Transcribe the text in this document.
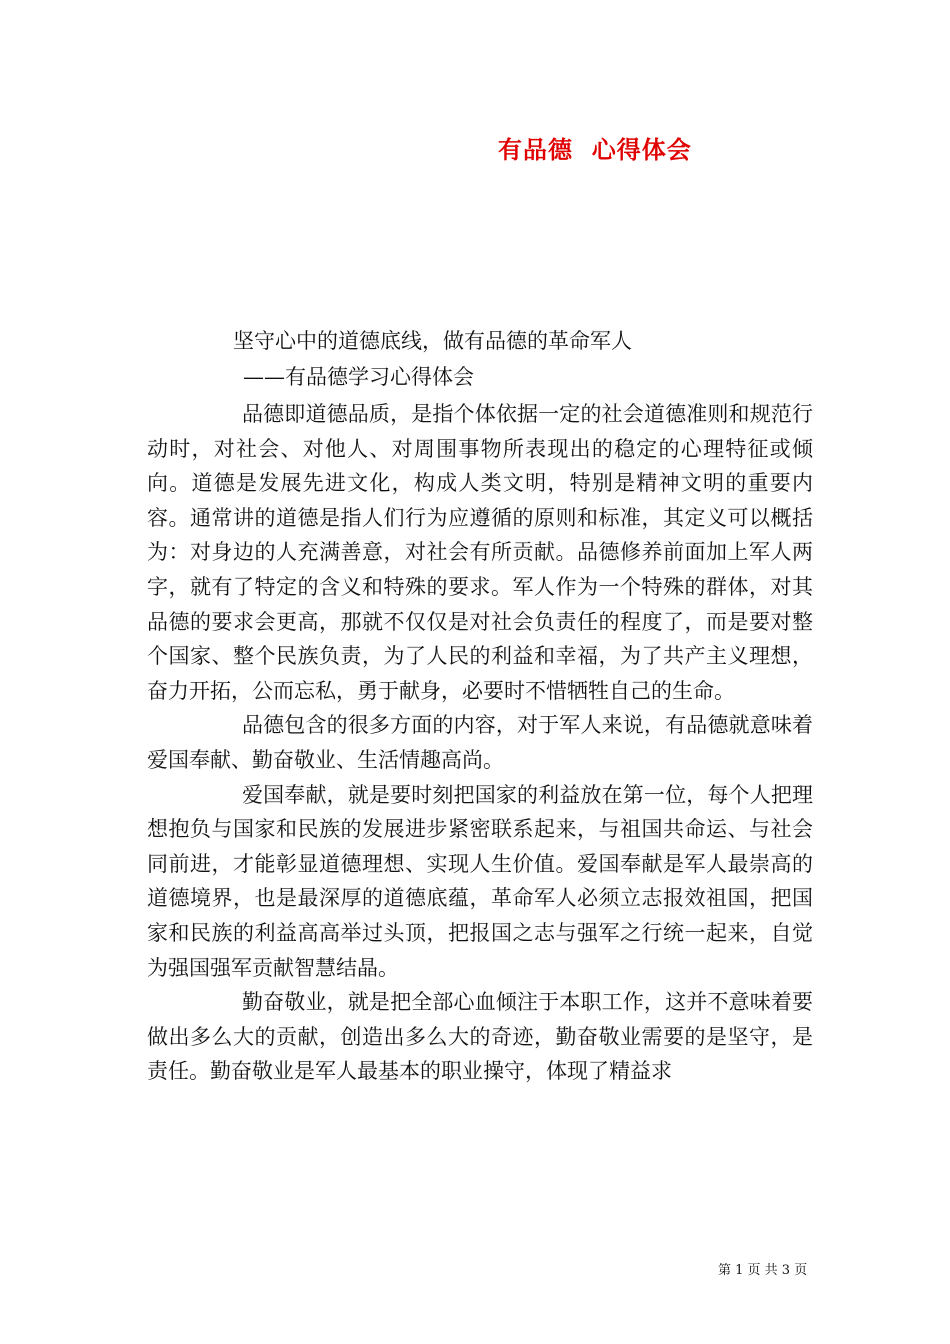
有品德  心得体会
坚守心中的道德底线，做有品德的革命军人
——有品德学习心得体会

品德即道德品质，是指个体依据一定的社会道德准则和规范行动时，对社会、对他人、对周围事物所表现出的稳定的心理特征或倾向。道德是发展先进文化，构成人类文明，特别是精神文明的重要内容。通常讲的道德是指人们行为应遵循的原则和标准，其定义可以概括为：对身边的人充满善意，对社会有所贡献。品德修养前面加上军人两字，就有了特定的含义和特殊的要求。军人作为一个特殊的群体，对其品德的要求会更高，那就不仅仅是对社会负责任的程度了，而是要对整个国家、整个民族负责，为了人民的利益和幸福，为了共产主义理想，奋力开拓，公而忘私，勇于献身，必要时不惜牺牲自己的生命。

品德包含的很多方面的内容，对于军人来说，有品德就意味着爱国奉献、勤奋敬业、生活情趣高尚。

爱国奉献，就是要时刻把国家的利益放在第一位，每个人把理想抱负与国家和民族的发展进步紧密联系起来，与祖国共命运、与社会同前进，才能彰显道德理想、实现人生价值。爱国奉献是军人最崇高的道德境界，也是最深厚的道德底蕴，革命军人必须立志报效祖国，把国家和民族的利益高高举过头顶，把报国之志与强军之行统一起来，自觉为强国强军贡献智慧结晶。

勤奋敬业，就是把全部心血倾注于本职工作，这并不意味着要做出多么大的贡献，创造出多么大的奇迹，勤奋敬业需要的是坚守，是责任。勤奋敬业是军人最基本的职业操守，体现了精益求

第 1 页 共 3 页
